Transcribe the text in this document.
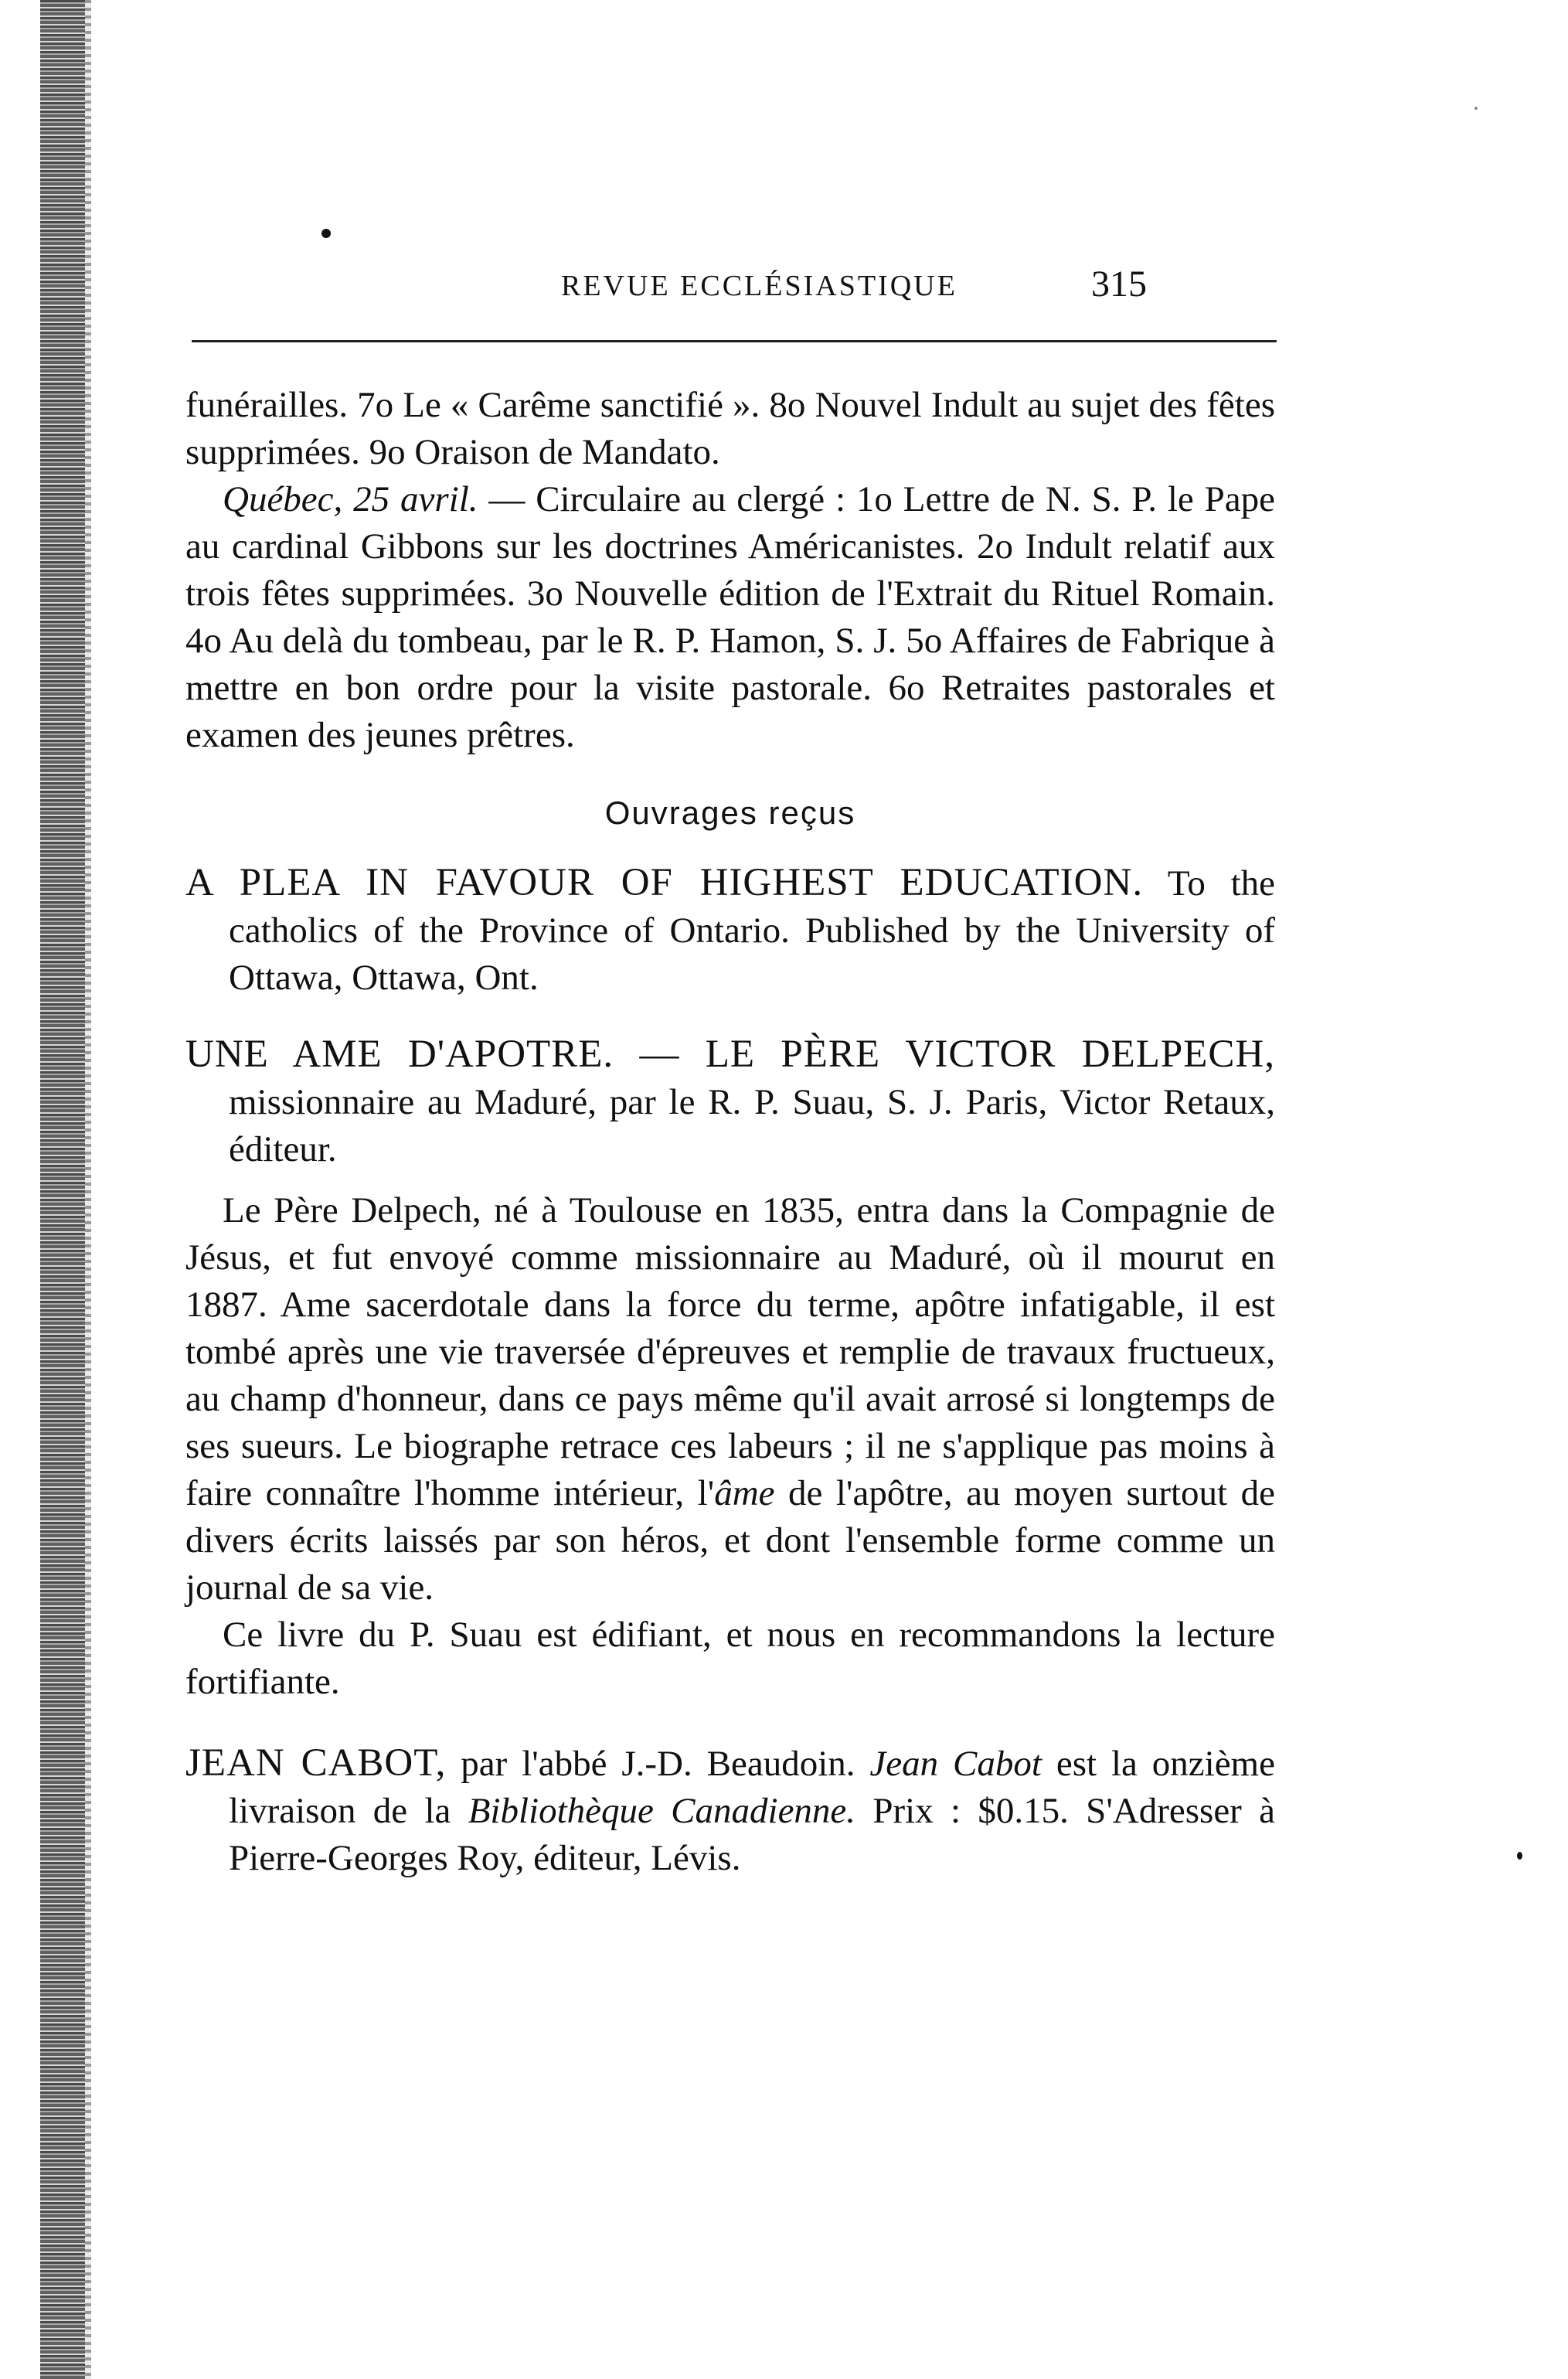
REVUE ECCLÉSIASTIQUE	315

funérailles. 7o Le « Carême sanctifié ». 8o Nouvel Indult au sujet des fêtes supprimées. 9o Oraison de Mandato.

Québec, 25 avril. — Circulaire au clergé : 1o Lettre de N. S. P. le Pape au cardinal Gibbons sur les doctrines Américanistes. 2o Indult relatif aux trois fêtes supprimées. 3o Nouvelle édition de l'Extrait du Rituel Romain. 4o Au delà du tombeau, par le R. P. Hamon, S. J. 5o Affaires de Fabrique à mettre en bon ordre pour la visite pastorale. 6o Retraites pastorales et examen des jeunes prêtres.

Ouvrages reçus

A PLEA IN FAVOUR OF HIGHEST EDUCATION. To the catholics of the Province of Ontario. Published by the University of Ottawa, Ottawa, Ont.

UNE AME D'APOTRE. — LE PÈRE VICTOR DELPECH, missionnaire au Maduré, par le R. P. Suau, S. J. Paris, Victor Retaux, éditeur.

Le Père Delpech, né à Toulouse en 1835, entra dans la Compagnie de Jésus, et fut envoyé comme missionnaire au Maduré, où il mourut en 1887. Ame sacerdotale dans la force du terme, apôtre infatigable, il est tombé après une vie traversée d'épreuves et remplie de travaux fructueux, au champ d'honneur, dans ce pays même qu'il avait arrosé si longtemps de ses sueurs. Le biographe retrace ces labeurs ; il ne s'applique pas moins à faire connaître l'homme intérieur, l'âme de l'apôtre, au moyen surtout de divers écrits laissés par son héros, et dont l'ensemble forme comme un journal de sa vie.

Ce livre du P. Suau est édifiant, et nous en recommandons la lecture fortifiante.

JEAN CABOT, par l'abbé J.-D. Beaudoin. Jean Cabot est la onzième livraison de la Bibliothèque Canadienne. Prix : $0.15. S'Adresser à Pierre-Georges Roy, éditeur, Lévis.
